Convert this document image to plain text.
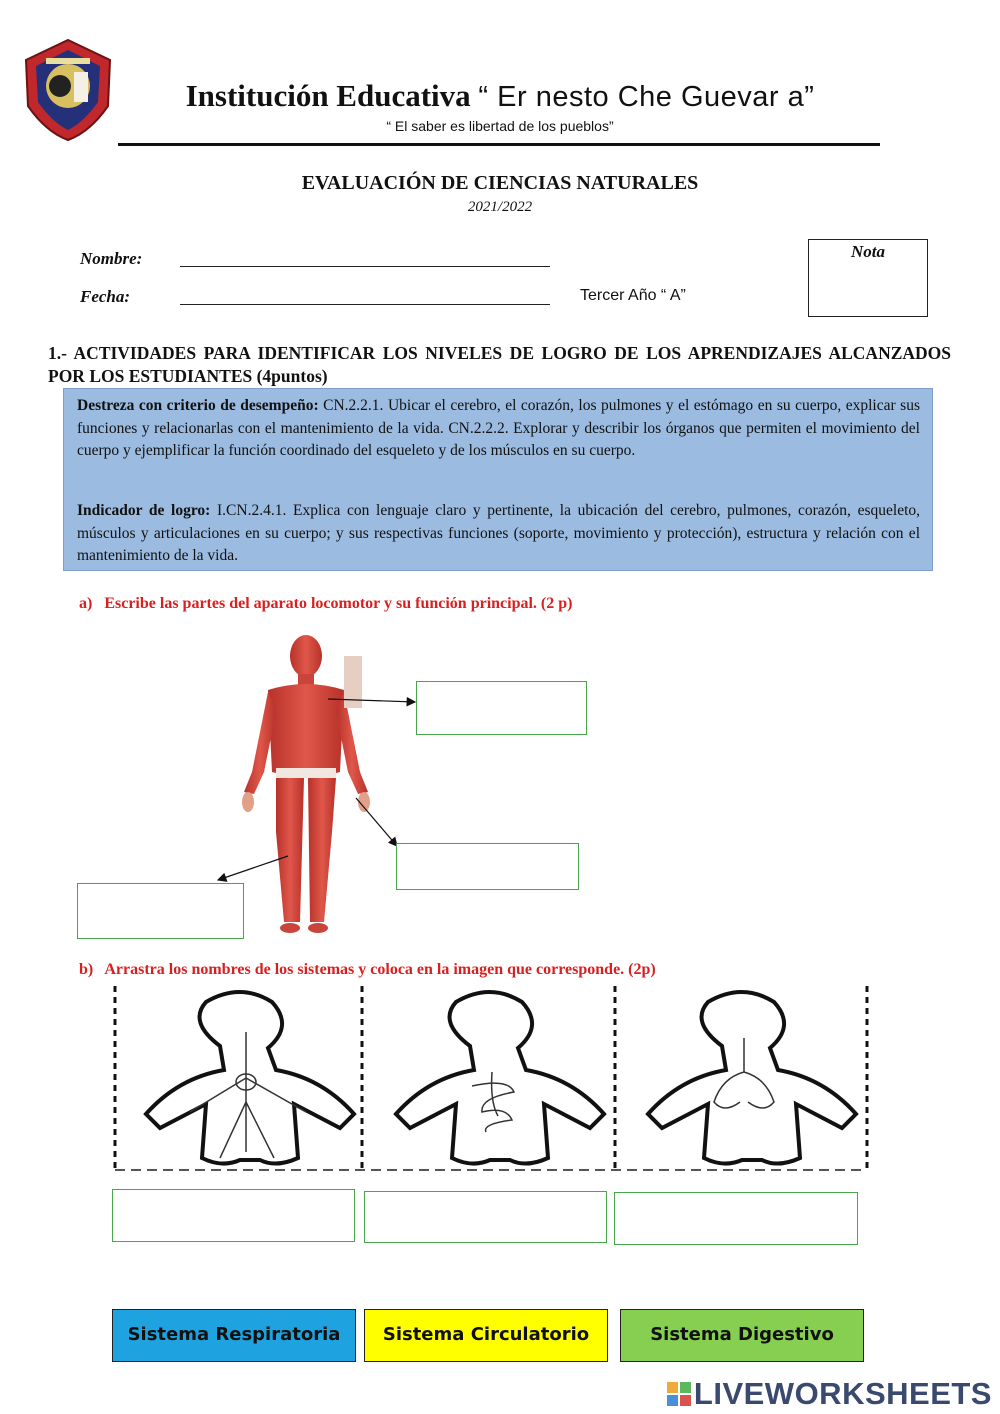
Institución Educativa “ Er nesto Che Guevar a”
“ El saber es libertad de los pueblos”
EVALUACIÓN DE CIENCIAS NATURALES
2021/2022
Nombre:
Fecha:	Tercer Año “ A”
Nota
1.- ACTIVIDADES PARA IDENTIFICAR LOS NIVELES DE LOGRO DE LOS APRENDIZAJES ALCANZADOS POR LOS ESTUDIANTES (4puntos)

Destreza con criterio de desempeño: CN.2.2.1. Ubicar el cerebro, el corazón, los pulmones y el estómago en su cuerpo, explicar sus funciones y relacionarlas con el mantenimiento de la vida. CN.2.2.2. Explorar y describir los órganos que permiten el movimiento del cuerpo y ejemplificar la función coordinado del esqueleto y de los músculos en su cuerpo.

Indicador de logro: I.CN.2.4.1. Explica con lenguaje claro y pertinente, la ubicación del cerebro, pulmones, corazón, esqueleto, músculos y articulaciones en su cuerpo; y sus respectivas funciones (soporte, movimiento y protección), estructura y relación con el mantenimiento de la vida.

a) Escribe las partes del aparato locomotor y su función principal. (2 p)
b) Arrastra los nombres de los sistemas y coloca en la imagen que corresponde. (2p)
Sistema Respiratoria	Sistema Circulatorio	Sistema Digestivo
LIVEWORKSHEETS
